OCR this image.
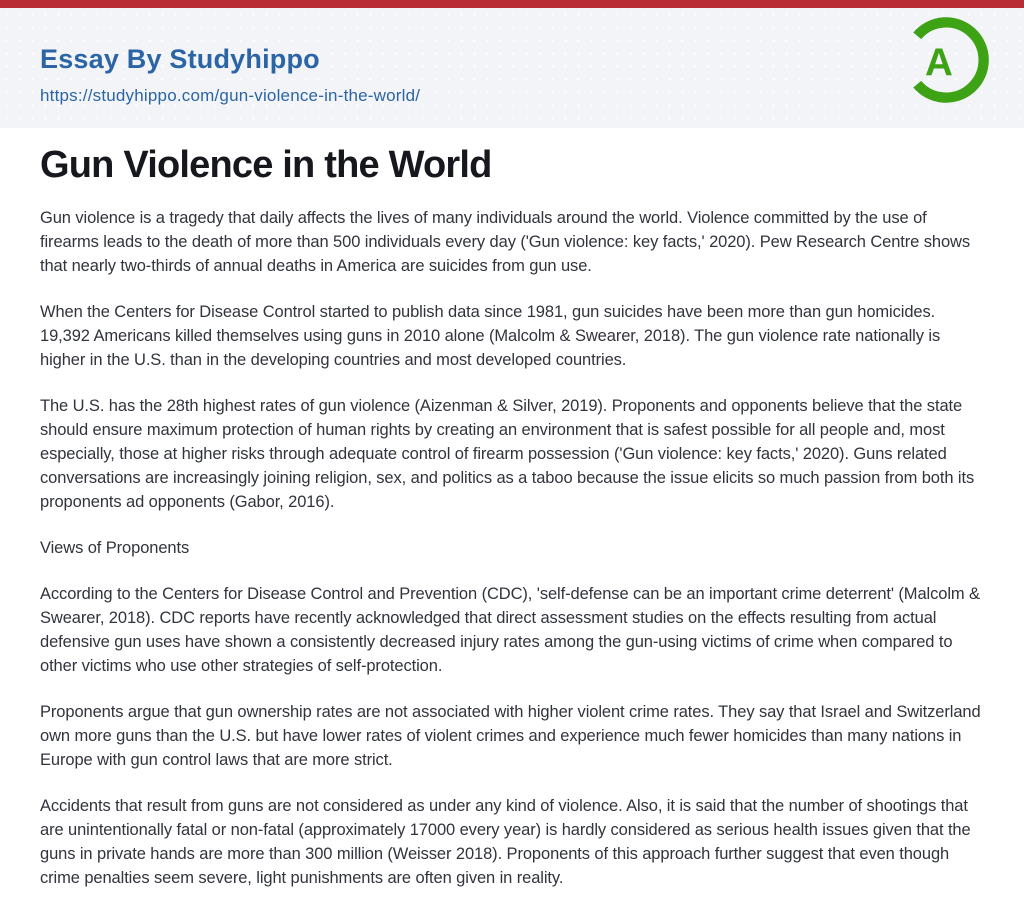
Essay By Studyhippo
https://studyhippo.com/gun-violence-in-the-world/
A
Gun Violence in the World

Gun violence is a tragedy that daily affects the lives of many individuals around the world. Violence committed by the use of firearms leads to the death of more than 500 individuals every day ('Gun violence: key facts,' 2020). Pew Research Centre shows that nearly two-thirds of annual deaths in America are suicides from gun use.

When the Centers for Disease Control started to publish data since 1981, gun suicides have been more than gun homicides. 19,392 Americans killed themselves using guns in 2010 alone (Malcolm & Swearer, 2018). The gun violence rate nationally is higher in the U.S. than in the developing countries and most developed countries.

The U.S. has the 28th highest rates of gun violence (Aizenman & Silver, 2019). Proponents and opponents believe that the state should ensure maximum protection of human rights by creating an environment that is safest possible for all people and, most especially, those at higher risks through adequate control of firearm possession ('Gun violence: key facts,' 2020). Guns related conversations are increasingly joining religion, sex, and politics as a taboo because the issue elicits so much passion from both its proponents ad opponents (Gabor, 2016).

Views of Proponents

According to the Centers for Disease Control and Prevention (CDC), 'self-defense can be an important crime deterrent' (Malcolm & Swearer, 2018). CDC reports have recently acknowledged that direct assessment studies on the effects resulting from actual defensive gun uses have shown a consistently decreased injury rates among the gun-using victims of crime when compared to other victims who use other strategies of self-protection.

Proponents argue that gun ownership rates are not associated with higher violent crime rates. They say that Israel and Switzerland own more guns than the U.S. but have lower rates of violent crimes and experience much fewer homicides than many nations in Europe with gun control laws that are more strict.

Accidents that result from guns are not considered as under any kind of violence. Also, it is said that the number of shootings that are unintentionally fatal or non-fatal (approximately 17000 every year) is hardly considered as serious health issues given that the guns in private hands are more than 300 million (Weisser 2018). Proponents of this approach further suggest that even though crime penalties seem severe, light punishments are often given in reality.
